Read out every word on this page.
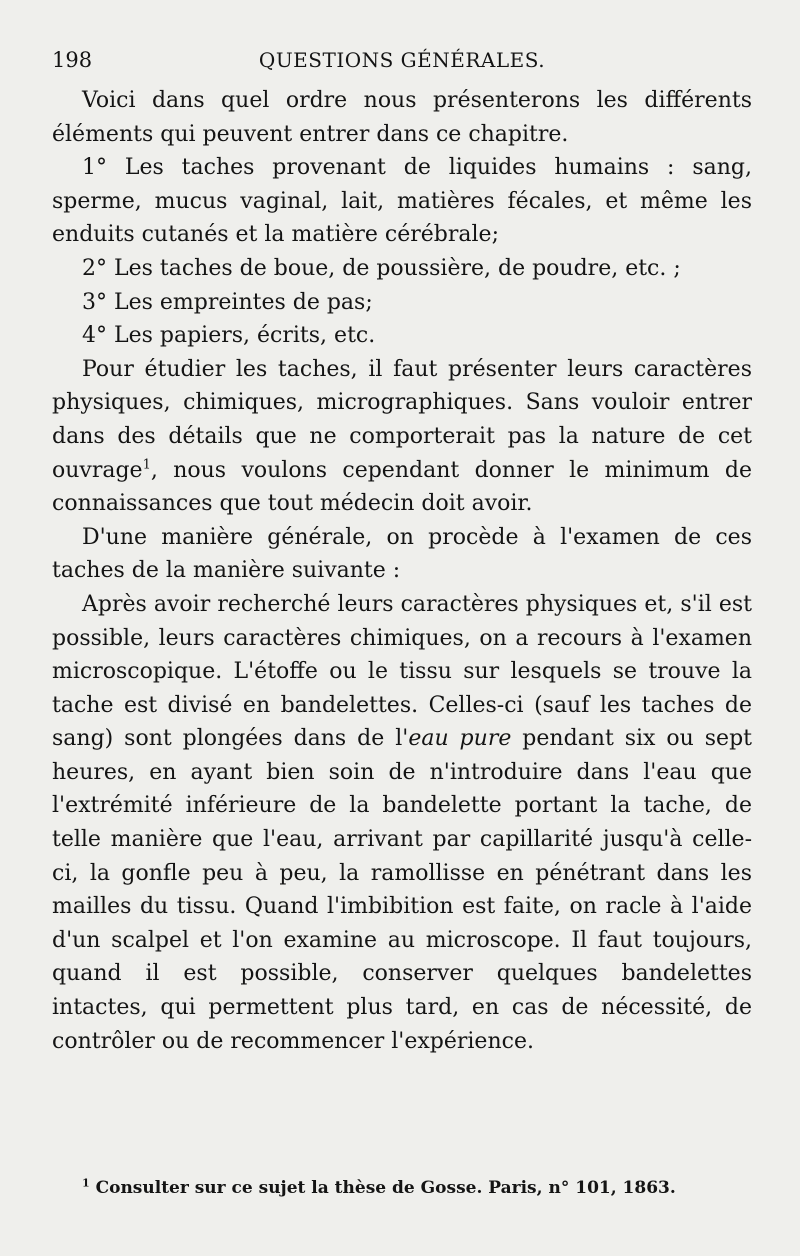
198	QUESTIONS GÉNÉRALES.

Voici dans quel ordre nous présenterons les différents éléments qui peuvent entrer dans ce chapitre.

1° Les taches provenant de liquides humains : sang, sperme, mucus vaginal, lait, matières fécales, et même les enduits cutanés et la matière cérébrale;

2° Les taches de boue, de poussière, de poudre, etc. ;

3° Les empreintes de pas;

4° Les papiers, écrits, etc.

Pour étudier les taches, il faut présenter leurs caractères physiques, chimiques, micrographiques. Sans vouloir entrer dans des détails que ne comporterait pas la nature de cet ouvrage$^1$, nous voulons cependant donner le minimum de connaissances que tout médecin doit avoir.

D'une manière générale, on procède à l'examen de ces taches de la manière suivante :

Après avoir recherché leurs caractères physiques et, s'il est possible, leurs caractères chimiques, on a recours à l'examen microscopique. L'étoffe ou le tissu sur lesquels se trouve la tache est divisé en bandelettes. Celles-ci (sauf les taches de sang) sont plongées dans de l'eau pure pendant six ou sept heures, en ayant bien soin de n'introduire dans l'eau que l'extrémité inférieure de la bandelette portant la tache, de telle manière que l'eau, arrivant par capillarité jusqu'à celle-ci, la gonfle peu à peu, la ramollisse en pénétrant dans les mailles du tissu. Quand l'imbibition est faite, on racle à l'aide d'un scalpel et l'on examine au microscope. Il faut toujours, quand il est possible, conserver quelques bandelettes intactes, qui permettent plus tard, en cas de nécessité, de contrôler ou de recommencer l'expérience.

$^1$ Consulter sur ce sujet la thèse de Gosse. Paris, n° 101, 1863.
